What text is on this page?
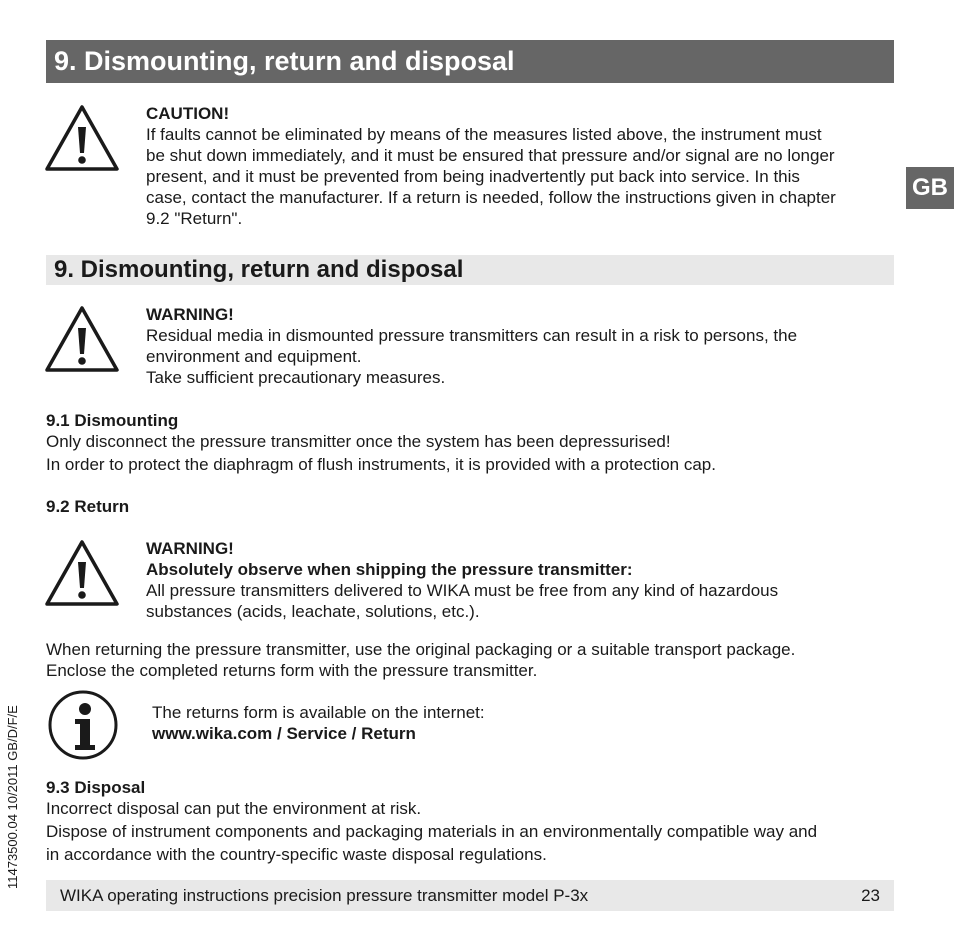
9. Dismounting, return and disposal
GB
CAUTION!
If faults cannot be eliminated by means of the measures listed above, the instrument must
be shut down immediately, and it must be ensured that pressure and/or signal are no longer
present, and it must be prevented from being inadvertently put back into service. In this
case, contact the manufacturer. If a return is needed, follow the instructions given in chapter
9.2 "Return".
9. Dismounting, return and disposal
WARNING!
Residual media in dismounted pressure transmitters can result in a risk to persons, the
environment and equipment.
Take sufficient precautionary measures.
9.1 Dismounting
Only disconnect the pressure transmitter once the system has been depressurised!
In order to protect the diaphragm of flush instruments, it is provided with a protection cap.
9.2 Return
WARNING!
Absolutely observe when shipping the pressure transmitter:
All pressure transmitters delivered to WIKA must be free from any kind of hazardous
substances (acids, leachate, solutions, etc.).
When returning the pressure transmitter, use the original packaging or a suitable transport package.
Enclose the completed returns form with the pressure transmitter.
The returns form is available on the internet:
www.wika.com / Service / Return
9.3 Disposal
Incorrect disposal can put the environment at risk.
Dispose of instrument components and packaging materials in an environmentally compatible way and
in accordance with the country-specific waste disposal regulations.
11473500.04 10/2011 GB/D/F/E
WIKA operating instructions precision pressure transmitter model P-3x	23
